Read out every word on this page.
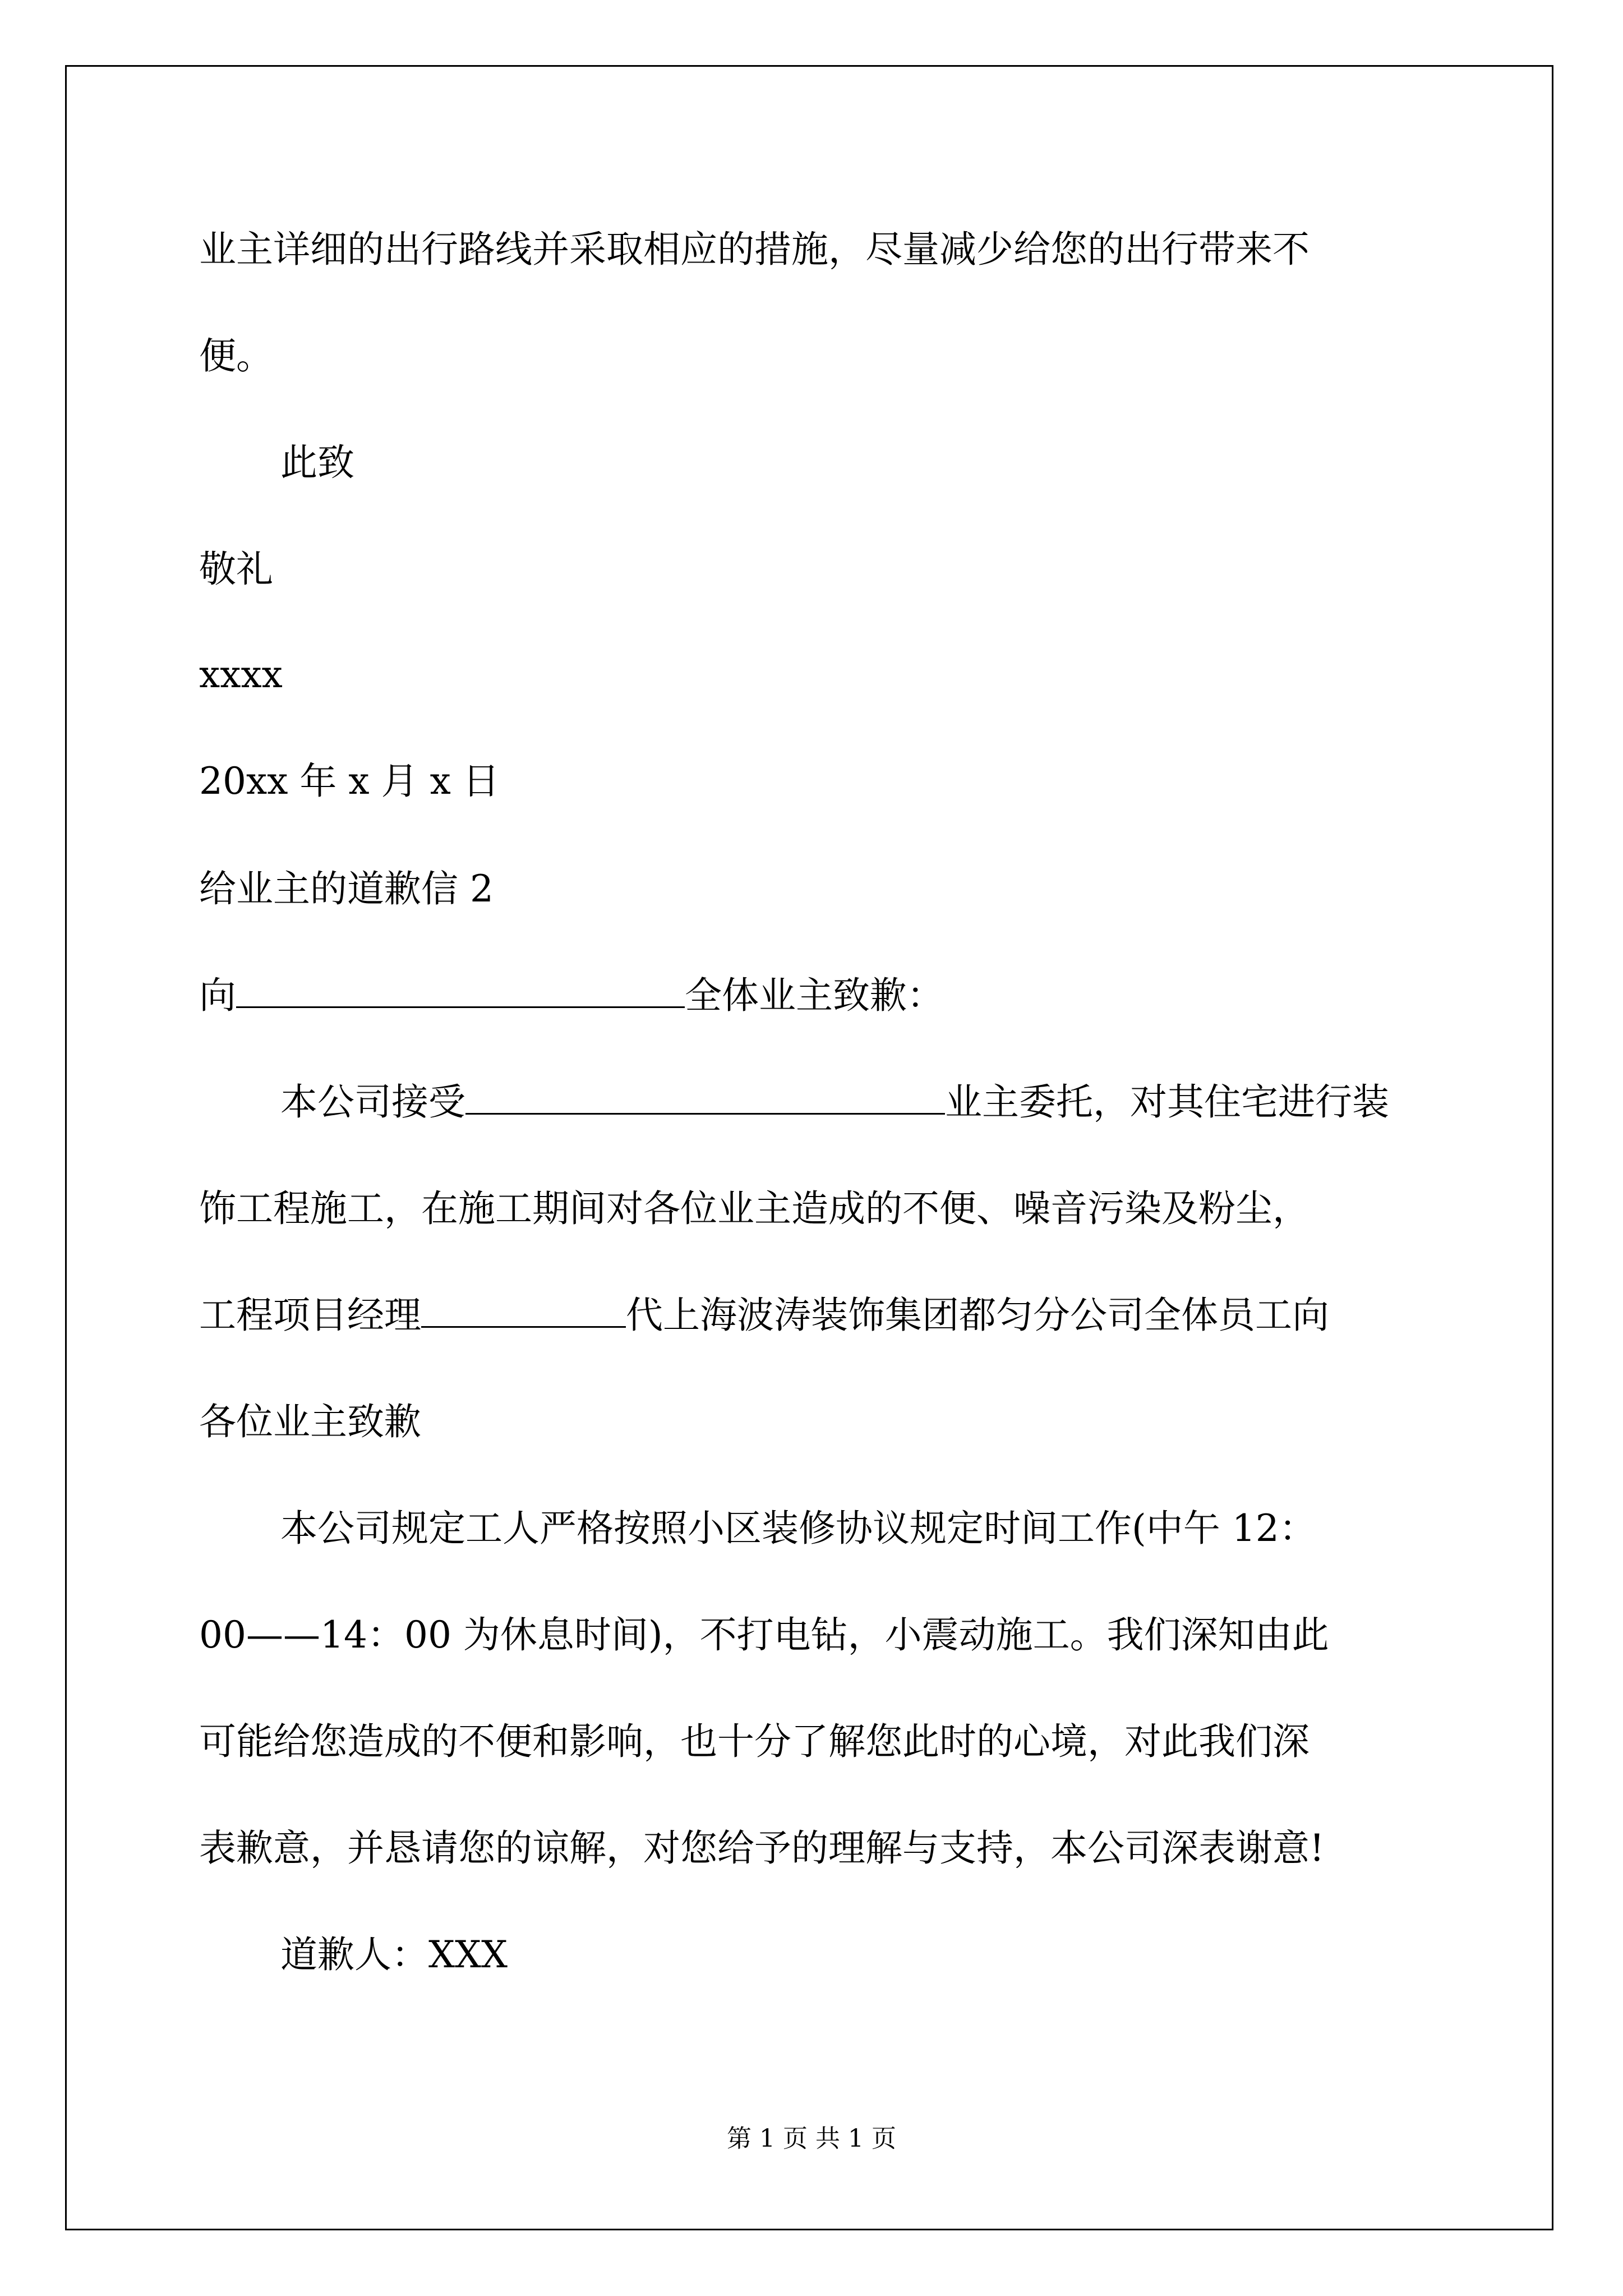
业主详细的出行路线并采取相应的措施，尽量减少给您的出行带来不

便。

此致

敬礼

xxxx

20xx 年 x 月 x 日

给业主的道歉信 2

向	全体业主致歉：

本公司接受	业主委托，对其住宅进行装

饰工程施工，在施工期间对各位业主造成的不便、噪音污染及粉尘，

工程项目经理	代上海波涛装饰集团都匀分公司全体员工向

各位业主致歉

本公司规定工人严格按照小区装修协议规定时间工作(中午 12：

00——14：00 为休息时间)，不打电钻，小震动施工。我们深知由此

可能给您造成的不便和影响，也十分了解您此时的心境，对此我们深

表歉意，并恳请您的谅解，对您给予的理解与支持，本公司深表谢意!

道歉人：XXX

第 1 页 共 1 页
